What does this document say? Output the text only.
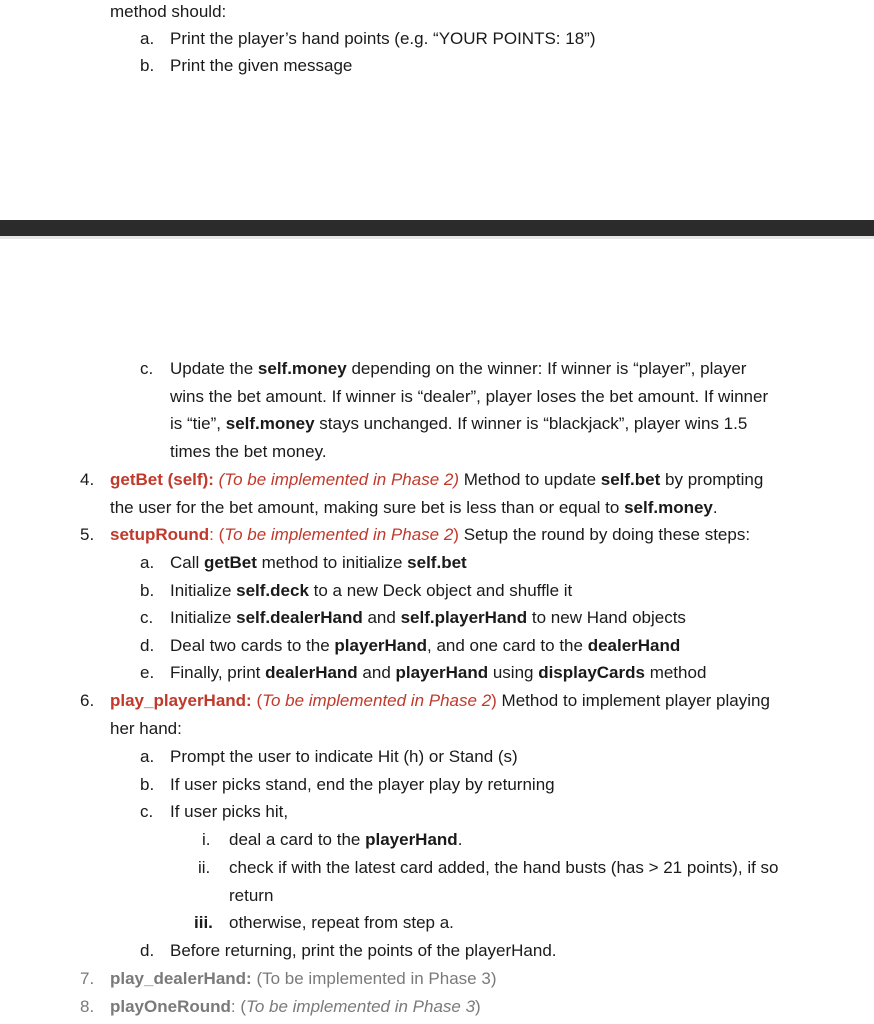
method should:
a. Print the player’s hand points (e.g. “YOUR POINTS: 18”)
b. Print the given message
c. Update the self.money depending on the winner: If winner is “player”, player
wins the bet amount. If winner is “dealer”, player loses the bet amount. If winner
is “tie”, self.money stays unchanged. If winner is “blackjack”, player wins 1.5
times the bet money.
4. getBet (self): (To be implemented in Phase 2) Method to update self.bet by prompting
the user for the bet amount, making sure bet is less than or equal to self.money.
5. setupRound: (To be implemented in Phase 2) Setup the round by doing these steps:
a. Call getBet method to initialize self.bet
b. Initialize self.deck to a new Deck object and shuffle it
c. Initialize self.dealerHand and self.playerHand to new Hand objects
d. Deal two cards to the playerHand, and one card to the dealerHand
e. Finally, print dealerHand and playerHand using displayCards method
6. play_playerHand: (To be implemented in Phase 2) Method to implement player playing
her hand:
a. Prompt the user to indicate Hit (h) or Stand (s)
b. If user picks stand, end the player play by returning
c. If user picks hit,
i. deal a card to the playerHand.
ii. check if with the latest card added, the hand busts (has > 21 points), if so
return
iii. otherwise, repeat from step a.
d. Before returning, print the points of the playerHand.
7. play_dealerHand: (To be implemented in Phase 3)
8. playOneRound: (To be implemented in Phase 3)
